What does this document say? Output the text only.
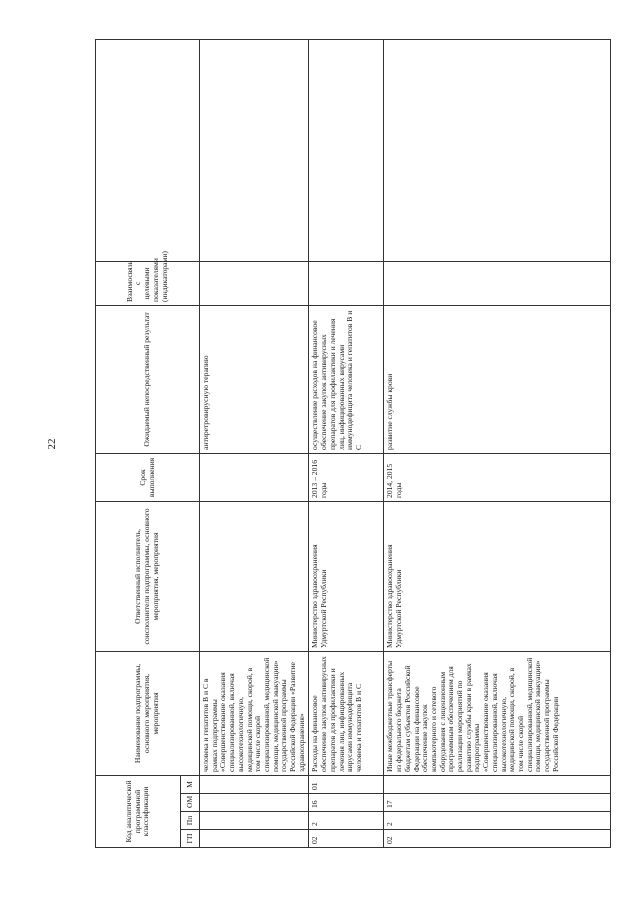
22
Код аналитической программной классификации				Наименование подпрограммы, основного мероприятия, мероприятия	Ответственный исполнитель, соисполнители подпрограммы, основного мероприятия, мероприятия	Срок выполнения	Ожидаемый непосредственный результат	Взаимосвязь с целевыми показателями (индикаторами)	
ГП	Пп	ОМ	М						
				человека и гепатитов В и С в рамках подпрограммы «Совершенствование оказания специализированной, включая высокотехнологичную, медицинской помощи, скорой, в том числе скорой специализированной, медицинской помощи, медицинской эвакуации» государственной программы Российской Федерации «Развитие здравоохранения»			антиретровирусную терапию		
02	2	16	01	Расходы на финансовое обеспечение закупок антивирусных препаратов для профилактики и лечения лиц, инфицированных вирусами иммунодефицита человека и гепатитов В и С	Министерство здравоохранения Удмуртской Республики	2013 – 2016 годы	осуществление расходов на финансовое обеспечение закупок антивирусных препаратов для профилактики и лечения лиц, инфицированных вирусами иммунодефицита человека и гепатитов В и С		
02	2	17		Иные межбюджетные трансферты из федерального бюджета бюджетам субъектов Российской Федерации на финансовое обеспечение закупок компьютерного и сетевого оборудования с лицензионным программным обеспечением для реализации мероприятий по развитию службы крови в рамках подпрограммы «Совершенствование оказания специализированной, включая высокотехнологичную, медицинской помощи, скорой, в том числе скорой специализированной, медицинской помощи, медицинской эвакуации» государственной программы Российской Федерации	Министерство здравоохранения Удмуртской Республики	2014, 2015 годы	развитие службы крови		
